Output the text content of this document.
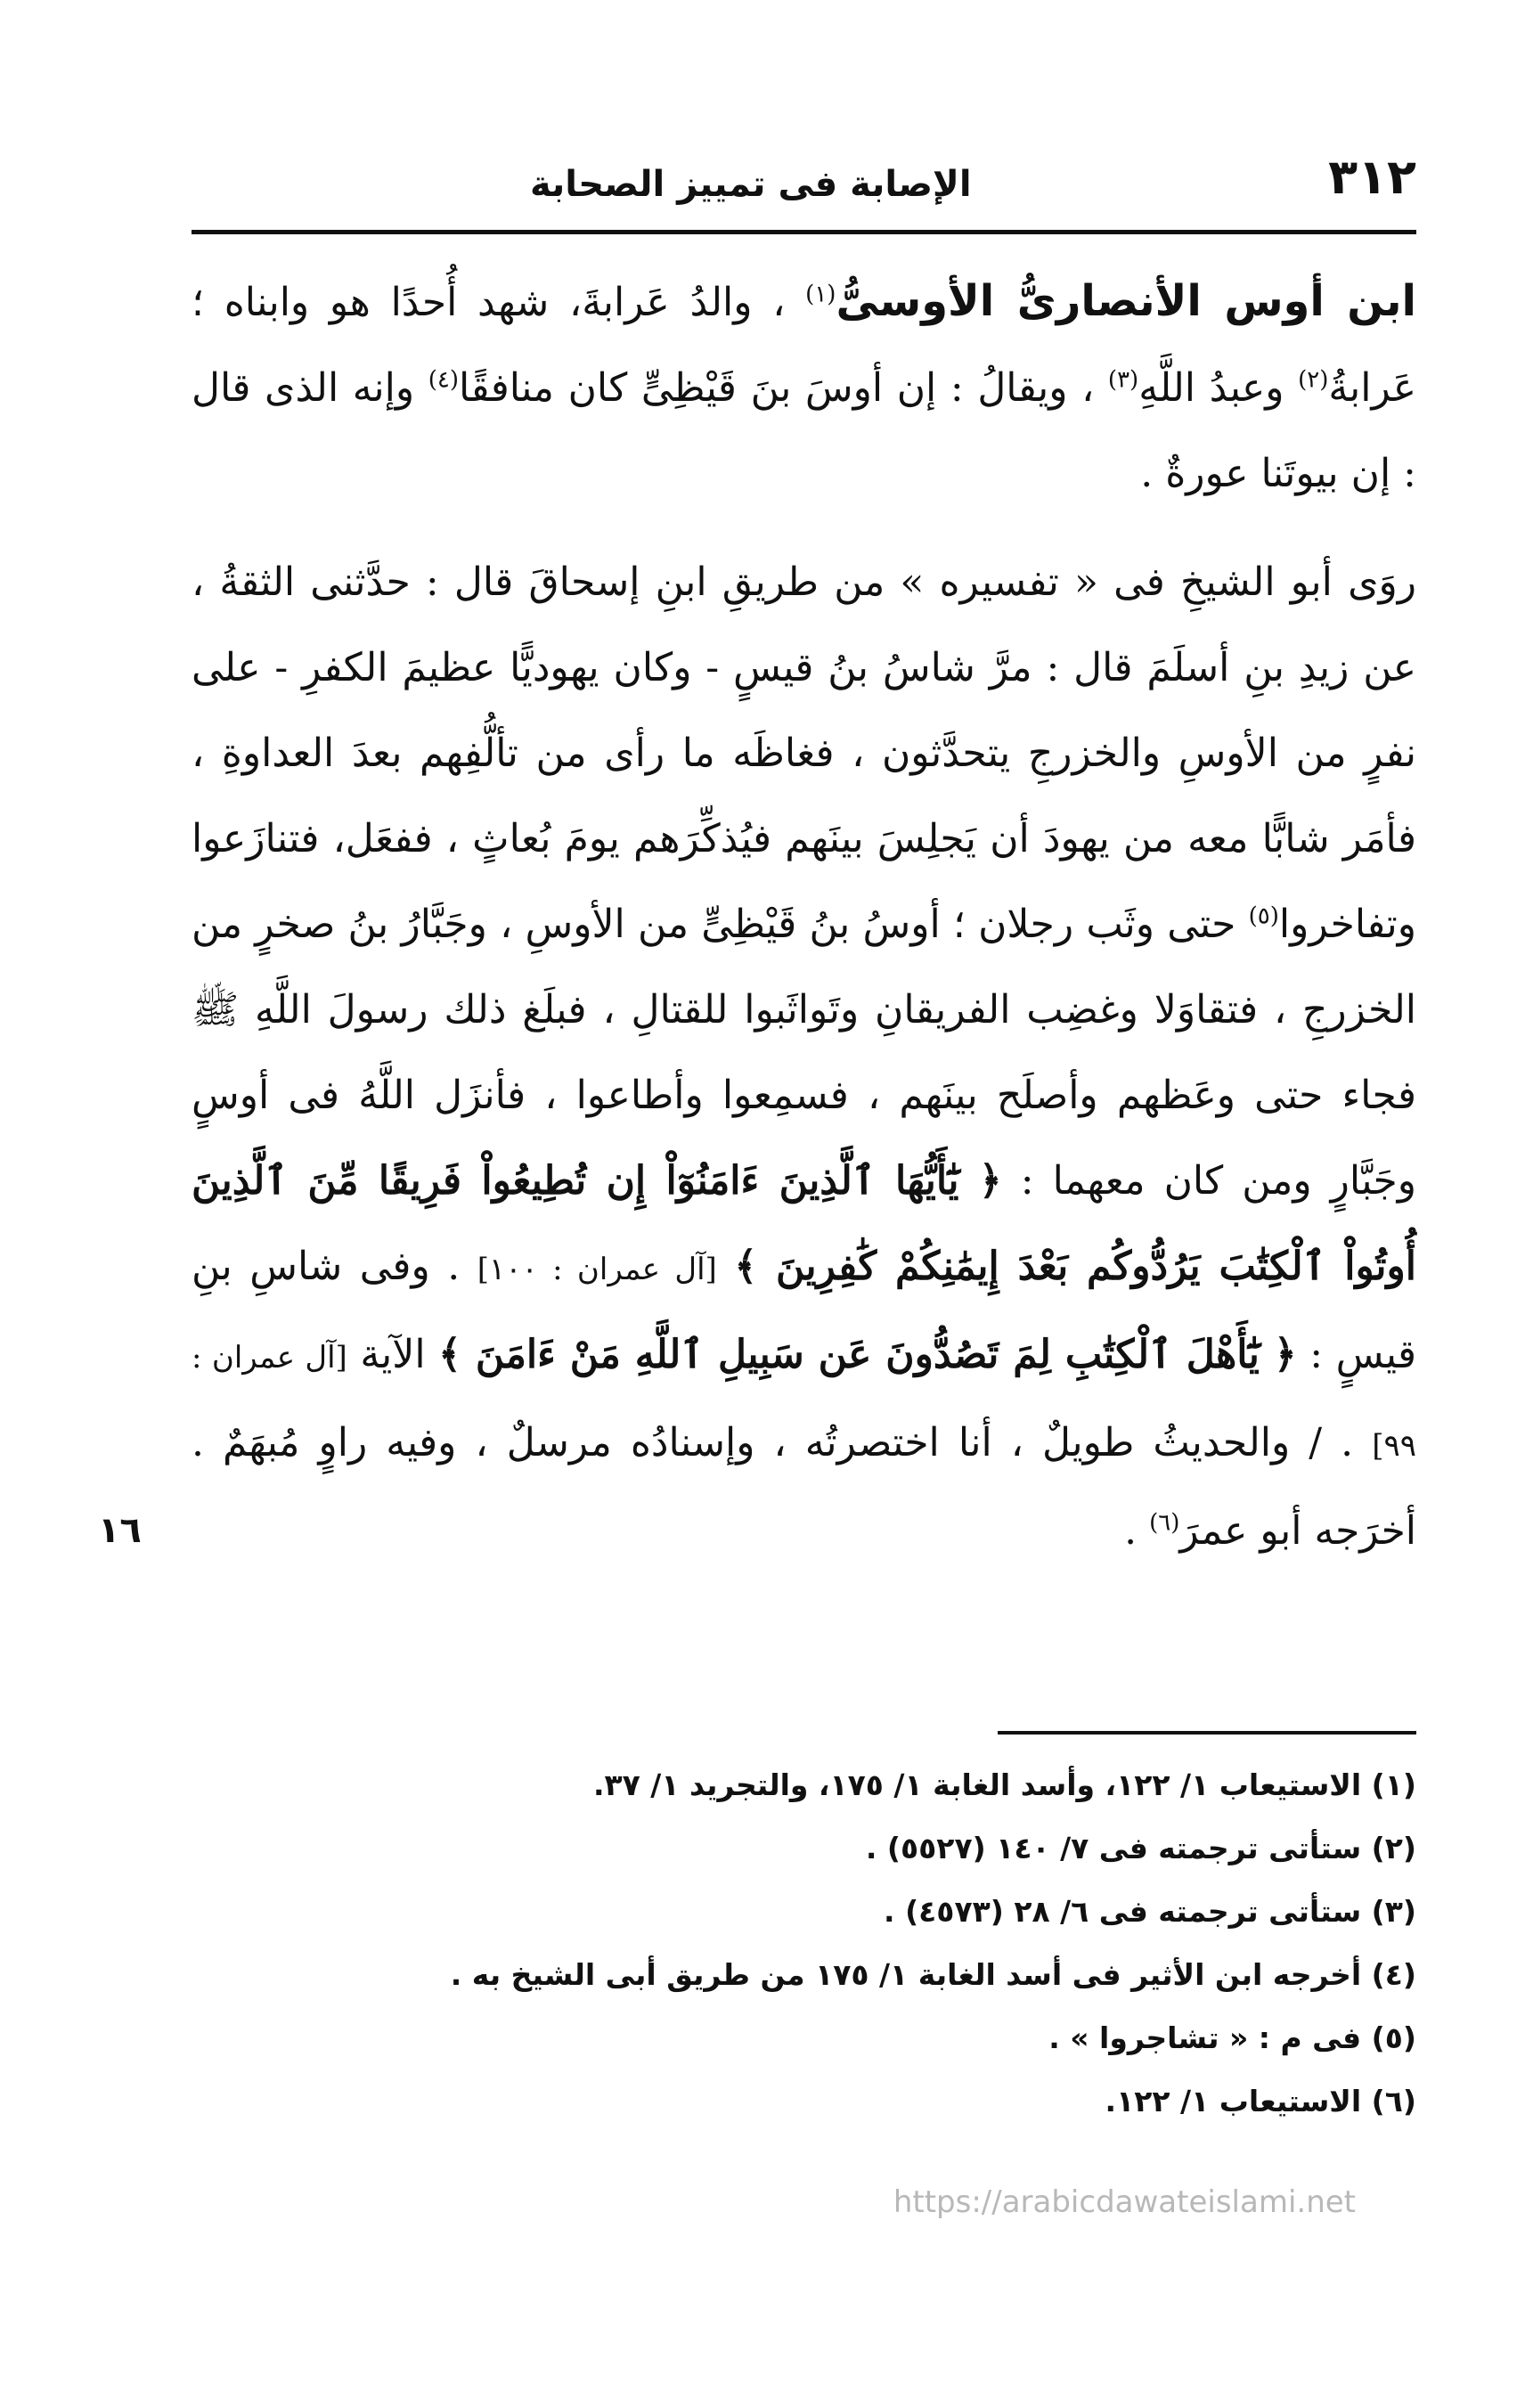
٣١٢
الإصابة فى تمييز الصحابة

ابن أوس الأنصارىُّ الأوسىُّ$^{(١)}$ ، والدُ عَرابةَ، شهد أُحدًا هو وابناه ؛ عَرابةُ$^{(٢)}$ وعبدُ اللَّهِ$^{(٣)}$ ، ويقالُ : إن أوسَ بنَ قَيْظِىٍّ كان منافقًا$^{(٤)}$ وإنه الذى قال : إن بيوتَنا عورةٌ .

روَى أبو الشيخِ فى « تفسيره » من طريقِ ابنِ إسحاقَ قال : حدَّثنى الثقةُ ، عن زيدِ بنِ أسلَمَ قال : مرَّ شاسُ بنُ قيسٍ - وكان يهوديًّا عظيمَ الكفرِ - على نفرٍ من الأوسِ والخزرجِ يتحدَّثون ، فغاظَه ما رأى من تألُّفِهم بعدَ العداوةِ ، فأمَر شابًّا معه من يهودَ أن يَجلِسَ بينَهم فيُذكِّرَهم يومَ بُعاثٍ ، ففعَل، فتنازَعوا وتفاخروا$^{(٥)}$ حتى وثَب رجلان ؛ أوسُ بنُ قَيْظِىٍّ من الأوسِ ، وجَبَّارُ بنُ صخرٍ من الخزرجِ ، فتقاوَلا وغضِب الفريقانِ وتَواثَبوا للقتالِ ، فبلَغ ذلك رسولَ اللَّهِ ﷺ فجاء حتى وعَظهم وأصلَح بينَهم ، فسمِعوا وأطاعوا ، فأنزَل اللَّهُ فى أوسٍ وجَبَّارٍ ومن كان معهما : ﴿ يَٰٓأَيُّهَا ٱلَّذِينَ ءَامَنُوٓاْ إِن تُطِيعُواْ فَرِيقًا مِّنَ ٱلَّذِينَ أُوتُواْ ٱلْكِتَٰبَ يَرُدُّوكُم بَعْدَ إِيمَٰنِكُمْ كَٰفِرِينَ ﴾ [آل عمران : ١٠٠] . وفى شاسِ بنِ قيسٍ : ﴿ يَٰٓأَهْلَ ٱلْكِتَٰبِ لِمَ تَصُدُّونَ عَن سَبِيلِ ٱللَّهِ مَنْ ءَامَنَ ﴾ الآية [آل عمران : ٩٩] . / والحديثُ طويلٌ ، أنا اختصرتُه ، وإسنادُه مرسلٌ ، وفيه راوٍ مُبهَمٌ . أخرَجه أبو عمرَ$^{(٦)}$ .

١٦
(١) الاستيعاب ١/ ١٢٢، وأسد الغابة ١/ ١٧٥، والتجريد ١/ ٣٧.
(٢) ستأتى ترجمته فى ٧/ ١٤٠ (٥٥٢٧) .
(٣) ستأتى ترجمته فى ٦/ ٢٨ (٤٥٧٣) .
(٤) أخرجه ابن الأثير فى أسد الغابة ١/ ١٧٥ من طريق أبى الشيخ به .
(٥) فى م : « تشاجروا » .
(٦) الاستيعاب ١/ ١٢٢.
https://arabicdawateislami.net
